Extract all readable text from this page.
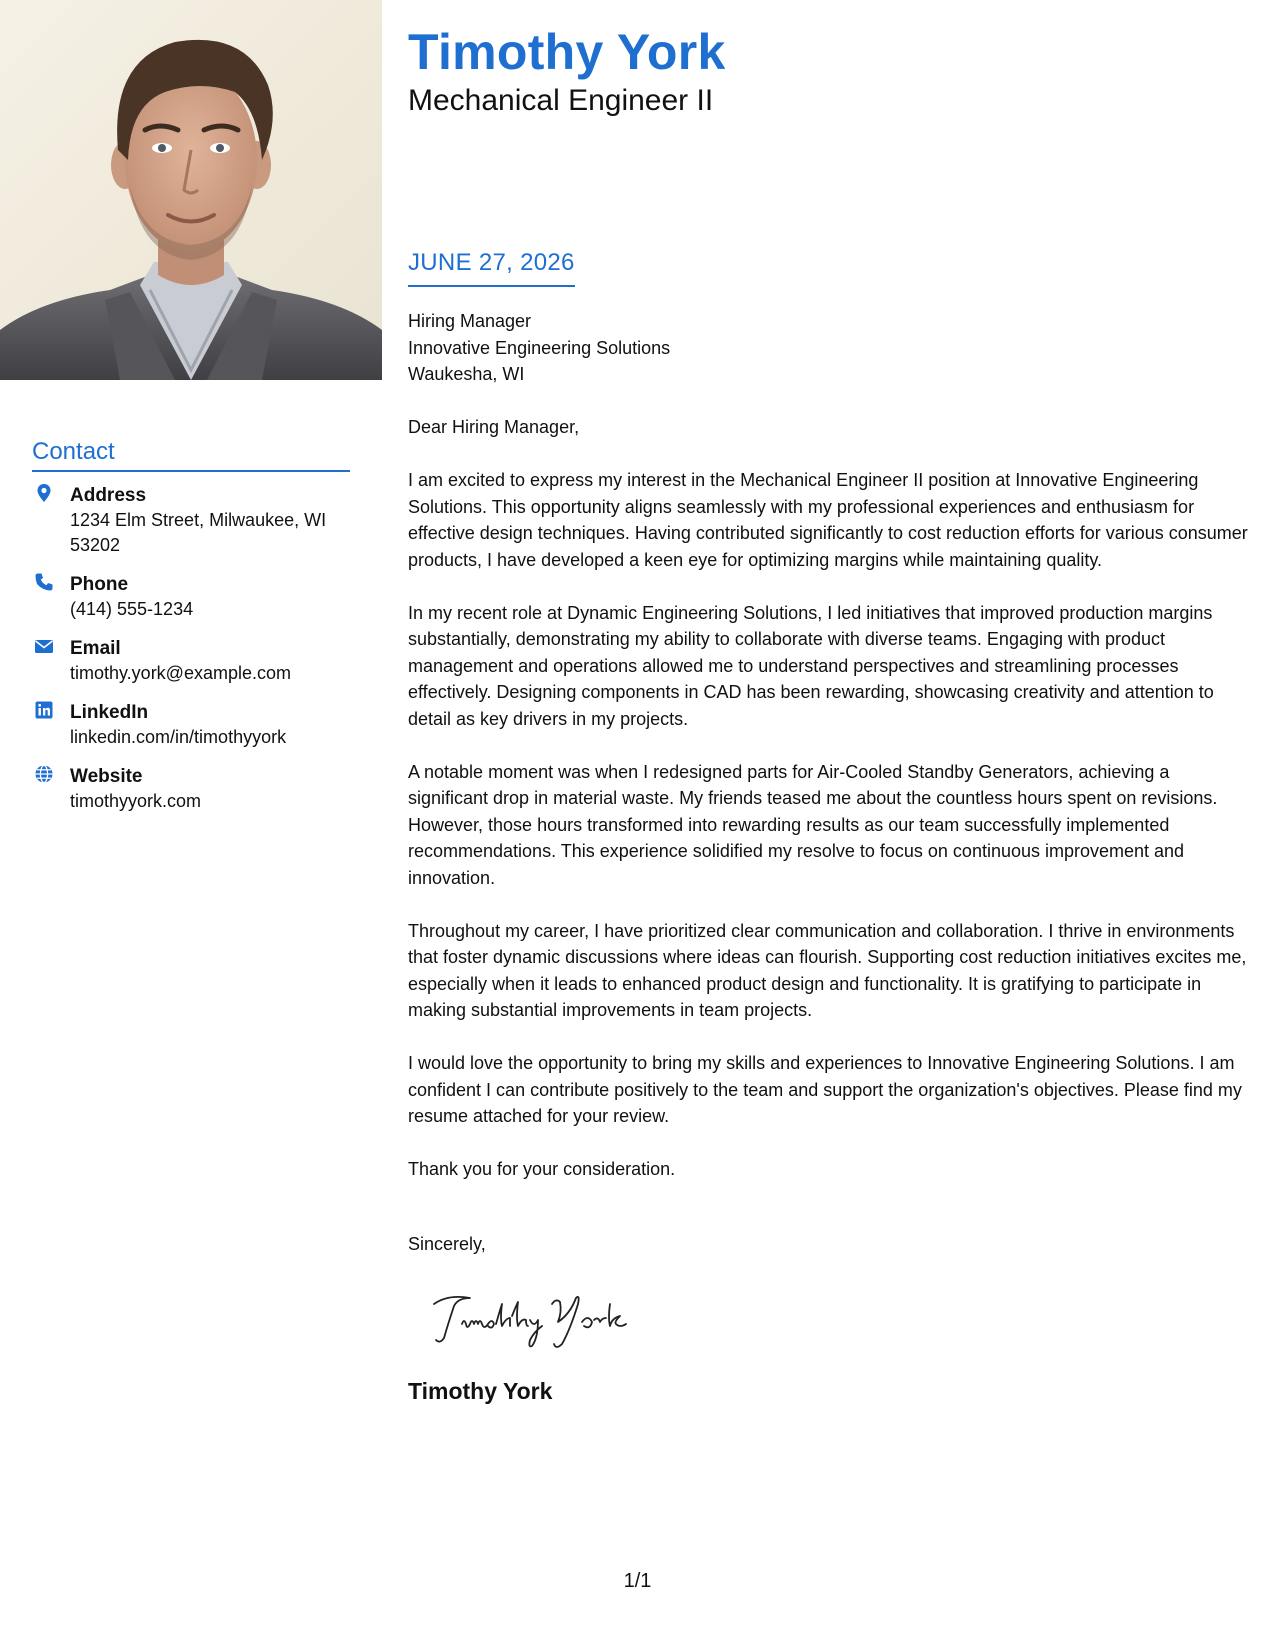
Timothy York
Mechanical Engineer II
JUNE 27, 2026
Hiring Manager
Innovative Engineering Solutions
Waukesha, WI

Dear Hiring Manager,

I am excited to express my interest in the Mechanical Engineer II position at Innovative Engineering Solutions. This opportunity aligns seamlessly with my professional experiences and enthusiasm for effective design techniques. Having contributed significantly to cost reduction efforts for various consumer products, I have developed a keen eye for optimizing margins while maintaining quality.

In my recent role at Dynamic Engineering Solutions, I led initiatives that improved production margins substantially, demonstrating my ability to collaborate with diverse teams. Engaging with product management and operations allowed me to understand perspectives and streamlining processes effectively. Designing components in CAD has been rewarding, showcasing creativity and attention to detail as key drivers in my projects.

A notable moment was when I redesigned parts for Air-Cooled Standby Generators, achieving a significant drop in material waste. My friends teased me about the countless hours spent on revisions. However, those hours transformed into rewarding results as our team successfully implemented recommendations. This experience solidified my resolve to focus on continuous improvement and innovation.

Throughout my career, I have prioritized clear communication and collaboration. I thrive in environments that foster dynamic discussions where ideas can flourish. Supporting cost reduction initiatives excites me, especially when it leads to enhanced product design and functionality. It is gratifying to participate in making substantial improvements in team projects.

I would love the opportunity to bring my skills and experiences to Innovative Engineering Solutions. I am confident I can contribute positively to the team and support the organization's objectives. Please find my resume attached for your review.

Thank you for your consideration.

Sincerely,
Timothy York
Contact
Address
1234 Elm Street, Milwaukee, WI 53202
Phone
(414) 555-1234
Email
timothy.york@example.com
LinkedIn
linkedin.com/in/timothyyork
Website
timothyyork.com
1/1
